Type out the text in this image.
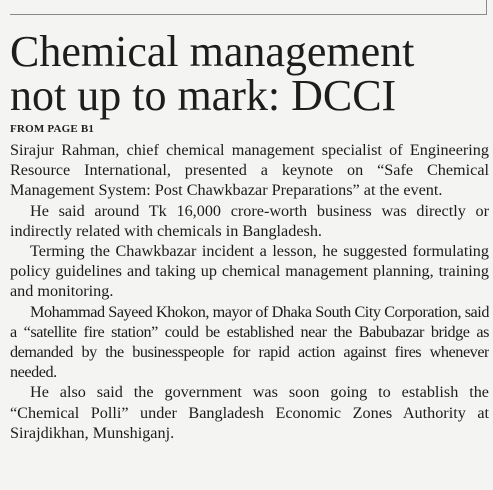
Chemical management
not up to mark: DCCI
FROM PAGE B1

Sirajur Rahman, chief chemical management specialist of Engineering Resource International, presented a keynote on “Safe Chemical Management System: Post Chawkbazar Preparations” at the event.

He said around Tk 16,000 crore-worth business was directly or indirectly related with chemicals in Bangladesh.

Terming the Chawkbazar incident a lesson, he suggested formulating policy guidelines and taking up chemical management planning, training and monitoring.

Mohammad Sayeed Khokon, mayor of Dhaka South City Corporation, said a “satellite fire station” could be established near the Babubazar bridge as demanded by the businesspeople for rapid action against fires whenever needed.

He also said the government was soon going to establish the “Chemical Polli” under Bangladesh Economic Zones Authority at Sirajdikhan, Munshiganj.
